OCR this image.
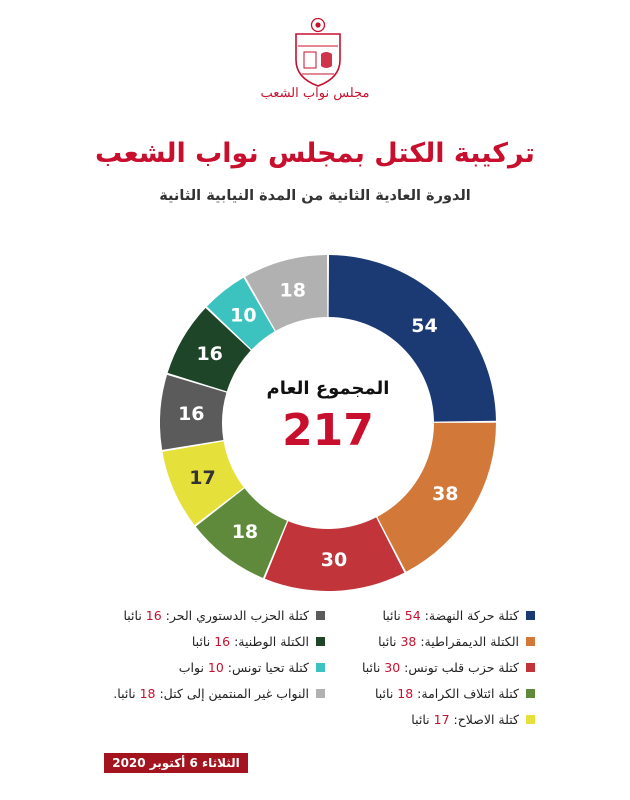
مجلس نواب الشعب
تركيبة الكتل بمجلس نواب الشعب
الدورة العادية الثانية من المدة النيابية الثانية
54
38
30
18
17
16
16
10
18
المجموع العام
217
كتلة حركة النهضة: 54 نائبا
الكتلة الديمقراطية: 38 نائبا
كتلة حزب قلب تونس: 30 نائبا
كتلة ائتلاف الكرامة: 18 نائبا
كتلة الاصلاح: 17 نائبا
كتلة الحزب الدستوري الحر: 16 نائبا
الكتلة الوطنية: 16 نائبا
كتلة تحيا تونس: 10 نواب
النواب غير المنتمين إلى كتل: 18 نائبا.
الثلاثاء 6 أكتوبر 2020
